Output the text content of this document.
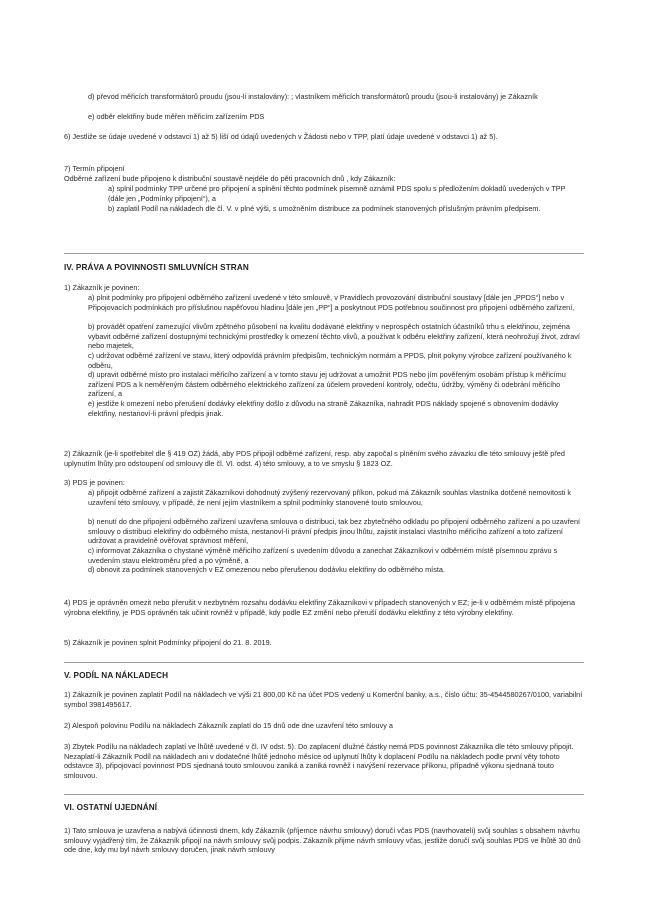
d) převod měřicích transformátorů proudu (jsou-li instalovány): ; vlastníkem měřicích transformátorů proudu (jsou-li instalovány) je Zákazník

e) odběr elektřiny bude měřen měřicím zařízením PDS

6) Jestliže se údaje uvedené v odstavci 1) až 5) liší od údajů uvedených v Žádosti nebo v TPP, platí údaje uvedené v odstavci 1) až 5).

7) Termín připojení

Odběrné zařízení bude připojeno k distribuční soustavě nejdéle do pěti pracovních dnů , kdy Zákazník:

a) splnil podmínky TPP určené pro připojení a splnění těchto podmínek písemně oznámil PDS spolu s předložením dokladů uvedených v TPP (dále jen „Podmínky připojení“), a

b) zaplatil Podíl na nákladech dle čl. V. v plné výši, s umožněním distribuce za podmínek stanovených příslušným právním předpisem.

IV. PRÁVA A POVINNOSTI SMLUVNÍCH STRAN

1) Zákazník je povinen:

a) plnit podmínky pro připojení odběrného zařízení uvedené v této smlouvě, v Pravidlech provozování distribuční soustavy [dále jen „PPDS“] nebo v Připojovacích podmínkách pro příslušnou napěťovou hladinu [dále jen „PP“] a poskytnout PDS potřebnou součinnost pro připojení odběrného zařízení,
b) provádět opatření zamezující vlivům zpětného působení na kvalitu dodávané elektřiny v neprospěch ostatních účastníků trhu s elektřinou, zejména vybavit odběrné zařízení dostupnými technickými prostředky k omezení těchto vlivů, a používat k odběru elektřiny zařízení, která neohrožují život, zdraví nebo majetek,
c) udržovat odběrné zařízení ve stavu, který odpovídá právním předpisům, technickým normám a PPDS, plnit pokyny výrobce zařízení používaného k odběru,
d) upravit odběrné místo pro instalaci měřicího zařízení a v tomto stavu jej udržovat a umožnit PDS nebo jím pověřeným osobám přístup k měřicímu zařízení PDS a k neměřeným částem odběrného elektrického zařízení za účelem provedení kontroly, odečtu, údržby, výměny či odebrání měřicího zařízení, a
e) jestliže k omezení nebo přerušení dodávky elektřiny došlo z důvodu na straně Zákazníka, nahradit PDS náklady spojené s obnovením dodávky elektřiny, nestanoví-li právní předpis jinak.

2) Zákazník (je-li spotřebitel dle § 419 OZ) žádá, aby PDS připojil odběrné zařízení, resp. aby započal s plněním svého závazku dle této smlouvy ještě před uplynutím lhůty pro odstoupení od smlouvy dle čl. VI. odst. 4) této smlouvy, a to ve smyslu § 1823 OZ.

3) PDS je povinen:

a) připojit odběrné zařízení a zajistit Zákazníkovi dohodnutý zvýšený rezervovaný příkon, pokud má Zákazník souhlas vlastníka dotčené nemovitosti k uzavření této smlouvy, v případě, že není jejím vlastníkem a splnil podmínky stanovené touto smlouvou,
b) nenutí do dne připojení odběrného zařízení uzavřena smlouva o distribuci, tak bez zbytečného odkladu po připojení odběrného zařízení a po uzavření smlouvy o distribuci elektřiny do odběrného místa, nestanoví-li právní předpis jinou lhůtu, zajistit instalaci vlastního měřicího zařízení a toto zařízení udržovat a pravidelně ověřovat správnost měření,
c) informovat Zákazníka o chystané výměně měřicího zařízení s uvedením důvodu a zanechat Zákazníkovi v odběrném místě písemnou zprávu s uvedením stavu elektroměru před a po výměně, a
d) obnovit za podmínek stanovených v EZ omezenou nebo přerušenou dodávku elektřiny do odběrného místa.

4) PDS je oprávněn omezit nebo přerušit v nezbytném rozsahu dodávku elektřiny Zákazníkovi v případech stanovených v EZ; je-li v odběrném místě připojena výrobna elektřiny, je PDS oprávněn tak učinit rovněž v případě, kdy podle EZ změní nebo přeruší dodávku elektřiny z této výrobny elektřiny.

5) Zákazník je povinen splnit Podmínky připojení do 21. 8. 2019.

V. PODÍL NA NÁKLADECH

1) Zákazník je povinen zaplatit Podíl na nákladech ve výši 21 800,00 Kč na účet PDS vedený u Komerční banky, a.s., číslo účtu: 35-4544580267/0100, variabilní symbol 3981495617.

2) Alespoň polovinu Podílu na nákladech Zákazník zaplatí do 15 dnů ode dne uzavření této smlouvy a

3) Zbytek Podílu na nákladech zaplatí ve lhůtě uvedené v čl. IV odst. 5). Do zaplacení dlužné částky nemá PDS povinnost Zákazníka dle této smlouvy připojit. Nezaplatí-li Zákazník Podíl na nákladech ani v dodatečné lhůtě jednoho měsíce od uplynutí lhůty k doplacení Podílu na nákladech podle první věty tohoto odstavce 3), připojovací povinnost PDS sjednaná touto smlouvou zaniká a zaniká rovněž i navýšení rezervace příkonu, případně výkonu sjednaná touto smlouvou.

VI. OSTATNÍ UJEDNÁNÍ

1) Tato smlouva je uzavřena a nabývá účinnosti dnem, kdy Zákazník (příjemce návrhu smlouvy) doručí včas PDS (navrhovateli) svůj souhlas s obsahem návrhu smlouvy vyjádřený tím, že Zákazník připojí na návrh smlouvy svůj podpis. Zákazník přijme návrh smlouvy včas, jestliže doručí svůj souhlas PDS ve lhůtě 30 dnů ode dne, kdy mu byl návrh smlouvy doručen, jinak návrh smlouvy
